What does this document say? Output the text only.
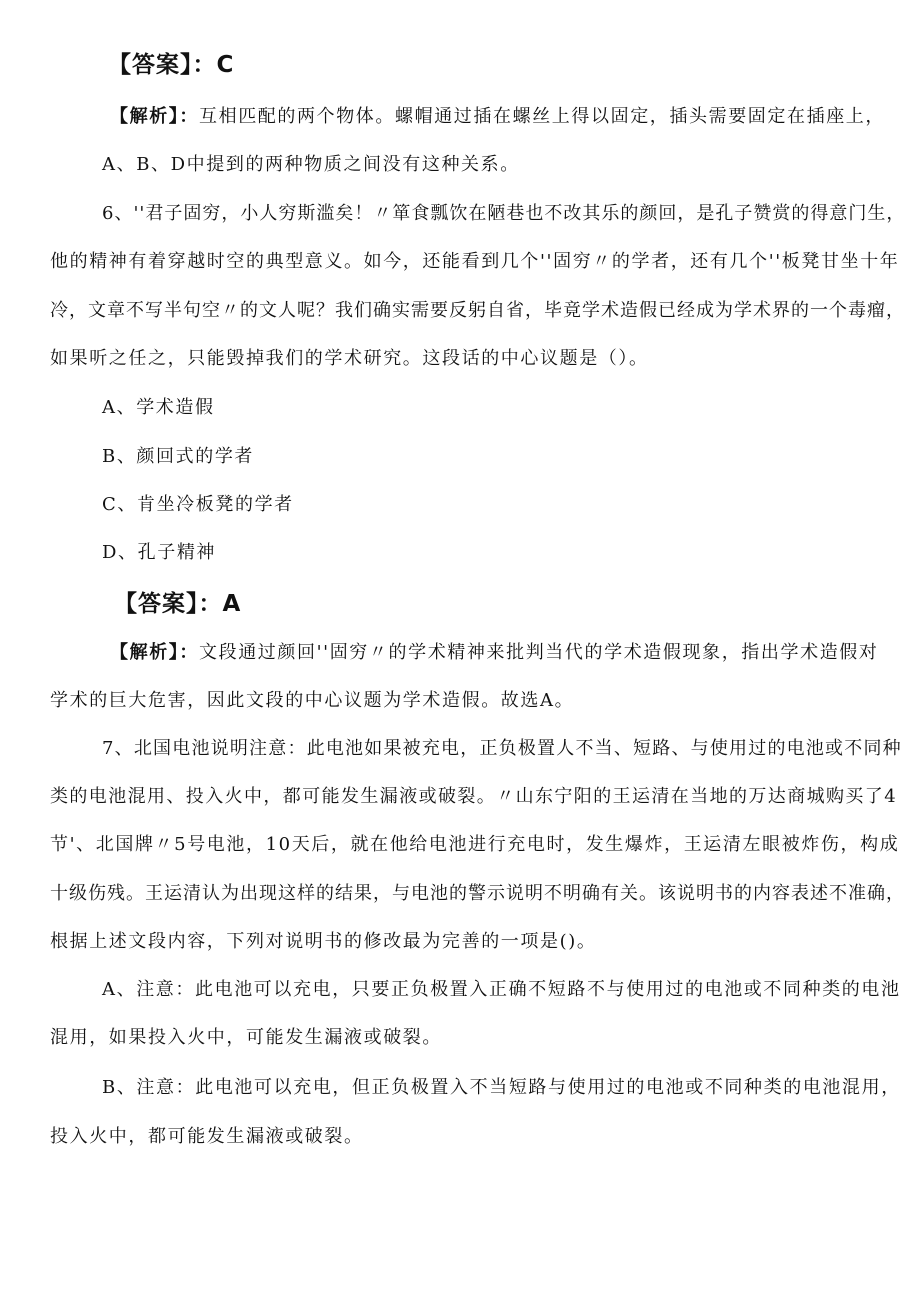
【答案】：C
【解析】：互相匹配的两个物体。螺帽通过插在螺丝上得以固定，插头需要固定在插座上，
A、B、D中提到的两种物质之间没有这种关系。
6、''君子固穷，小人穷斯滥矣！〃箪食瓢饮在陋巷也不改其乐的颜回，是孔子赞赏的得意门生，
他的精神有着穿越时空的典型意义。如今，还能看到几个''固穷〃的学者，还有几个''板凳甘坐十年
冷，文章不写半句空〃的文人呢？我们确实需要反躬自省，毕竟学术造假已经成为学术界的一个毒瘤，
如果听之任之，只能毁掉我们的学术研究。这段话的中心议题是（）。
A、学术造假
B、颜回式的学者
C、肯坐冷板凳的学者
D、孔子精神
【答案】：A
【解析】：文段通过颜回''固穷〃的学术精神来批判当代的学术造假现象，指出学术造假对
学术的巨大危害，因此文段的中心议题为学术造假。故选A。
7、北国电池说明注意：此电池如果被充电，正负极置人不当、短路、与使用过的电池或不同种
类的电池混用、投入火中，都可能发生漏液或破裂。〃山东宁阳的王运清在当地的万达商城购买了4
节'、北国牌〃5号电池，10天后，就在他给电池进行充电时，发生爆炸，王运清左眼被炸伤，构成
十级伤残。王运清认为出现这样的结果，与电池的警示说明不明确有关。该说明书的内容表述不准确，
根据上述文段内容，下列对说明书的修改最为完善的一项是()。
A、注意：此电池可以充电，只要正负极置入正确不短路不与使用过的电池或不同种类的电池
混用，如果投入火中，可能发生漏液或破裂。
B、注意：此电池可以充电，但正负极置入不当短路与使用过的电池或不同种类的电池混用，
投入火中，都可能发生漏液或破裂。
